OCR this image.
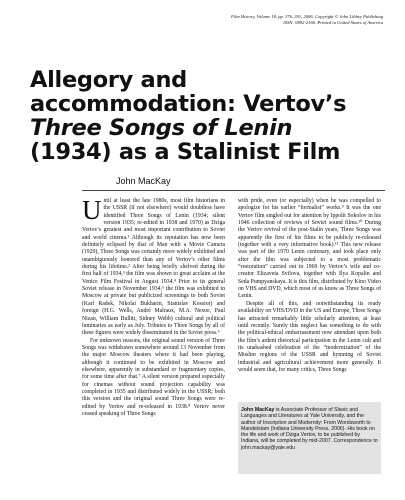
Film History, Volume 18, pp. 376–391, 2006. Copyright © John Libbey Publishing
ISSN: 0892-2160. Printed in United States of America
Allegory and accommodation: Vertov’s Three Songs of Lenin (1934) as a Stalinist Film
John MacKay

Until at least the late 1980s, most film historians in the USSR (if not elsewhere) would doubtless have identified Three Songs of Lenin (1934; silent version 1935; re-edited in 1938 and 1970) as Dziga Vertov’s greatest and most important contribution to Soviet and world cinema.¹ Although its reputation has now been definitely eclipsed by that of Man with a Movie Camera (1929), Three Songs was certainly more widely exhibited and unambiguously honored than any of Vertov’s other films during his lifetime.² After being briefly shelved during the first half of 1934,³ the film was shown to great acclaim at the Venice Film Festival in August 1934.⁴ Prior to its general Soviet release in November 1934,⁵ the film was exhibited in Moscow at private but publicized screenings to both Soviet (Karl Radek, Nikolai Bukharin, Stanislav Kossior) and foreign (H.G. Wells, André Malraux, M.A. Nexoe, Paul Nizan, William Bullitt, Sidney Webb) cultural and political luminaries as early as July. Tributes to Three Songs by all of these figures were widely disseminated in the Soviet press.⁶

For unknown reasons, the original sound version of Three Songs was withdrawn somewhere around 13 November from the major Moscow theaters where it had been playing, although it continued to be exhibited in Moscow and elsewhere, apparently in substandard or fragmentary copies, for some time after that.⁷ A silent version prepared especially for cinemas without sound projection capability was completed in 1935 and distributed widely in the USSR; both this version and the original sound Three Songs were re-edited by Vertov and re-released in 1938.⁸ Vertov never ceased speaking of Three Songs

with pride, even (or especially) when he was compelled to apologize for his earlier “formalist” works.⁹ It was the one Vertov film singled out for attention by Ippolit Sokolov in his 1946 collection of reviews of Soviet sound films.¹⁰ During the Vertov revival of the post-Stalin years, Three Songs was apparently the first of his films to be publicly re-released (together with a very informative book).¹¹ This new release was part of the 1970 Lenin centenary, and took place only after the film was subjected to a most problematic “restoration” carried out in 1969 by Vertov’s wife and co-creator Elizaveta Svilova, together with Ilya Kopalin and Seda Pumpyanskaya. It is this film, distributed by Kino Video on VHS and DVD, which most of us know as Three Songs of Lenin.

Despite all of this, and notwithstanding its ready availability on VHS/DVD in the US and Europe, Three Songs has attracted remarkably little scholarly attention, at least until recently. Surely this neglect has something to do with the political-ethical embarrassment now attendant upon both the film’s ardent rhetorical participation in the Lenin cult and its unabashed celebration of the “modernization” of the Muslim regions of the USSR and hymning of Soviet industrial and agricultural achievement more generally. It would seem that, for many critics, Three Songs

John MacKay is Associate Professor of Slavic and Languages and Literatures at Yale University, and the author of Inscription and Modernity: From Wordsworth to Mandelstam (Indiana University Press, 2006). His book on the life and work of Dziga Vertov, to be published by Indiana, will be completed by mid-2007. Correspondence to john.mackay@yale.edu
